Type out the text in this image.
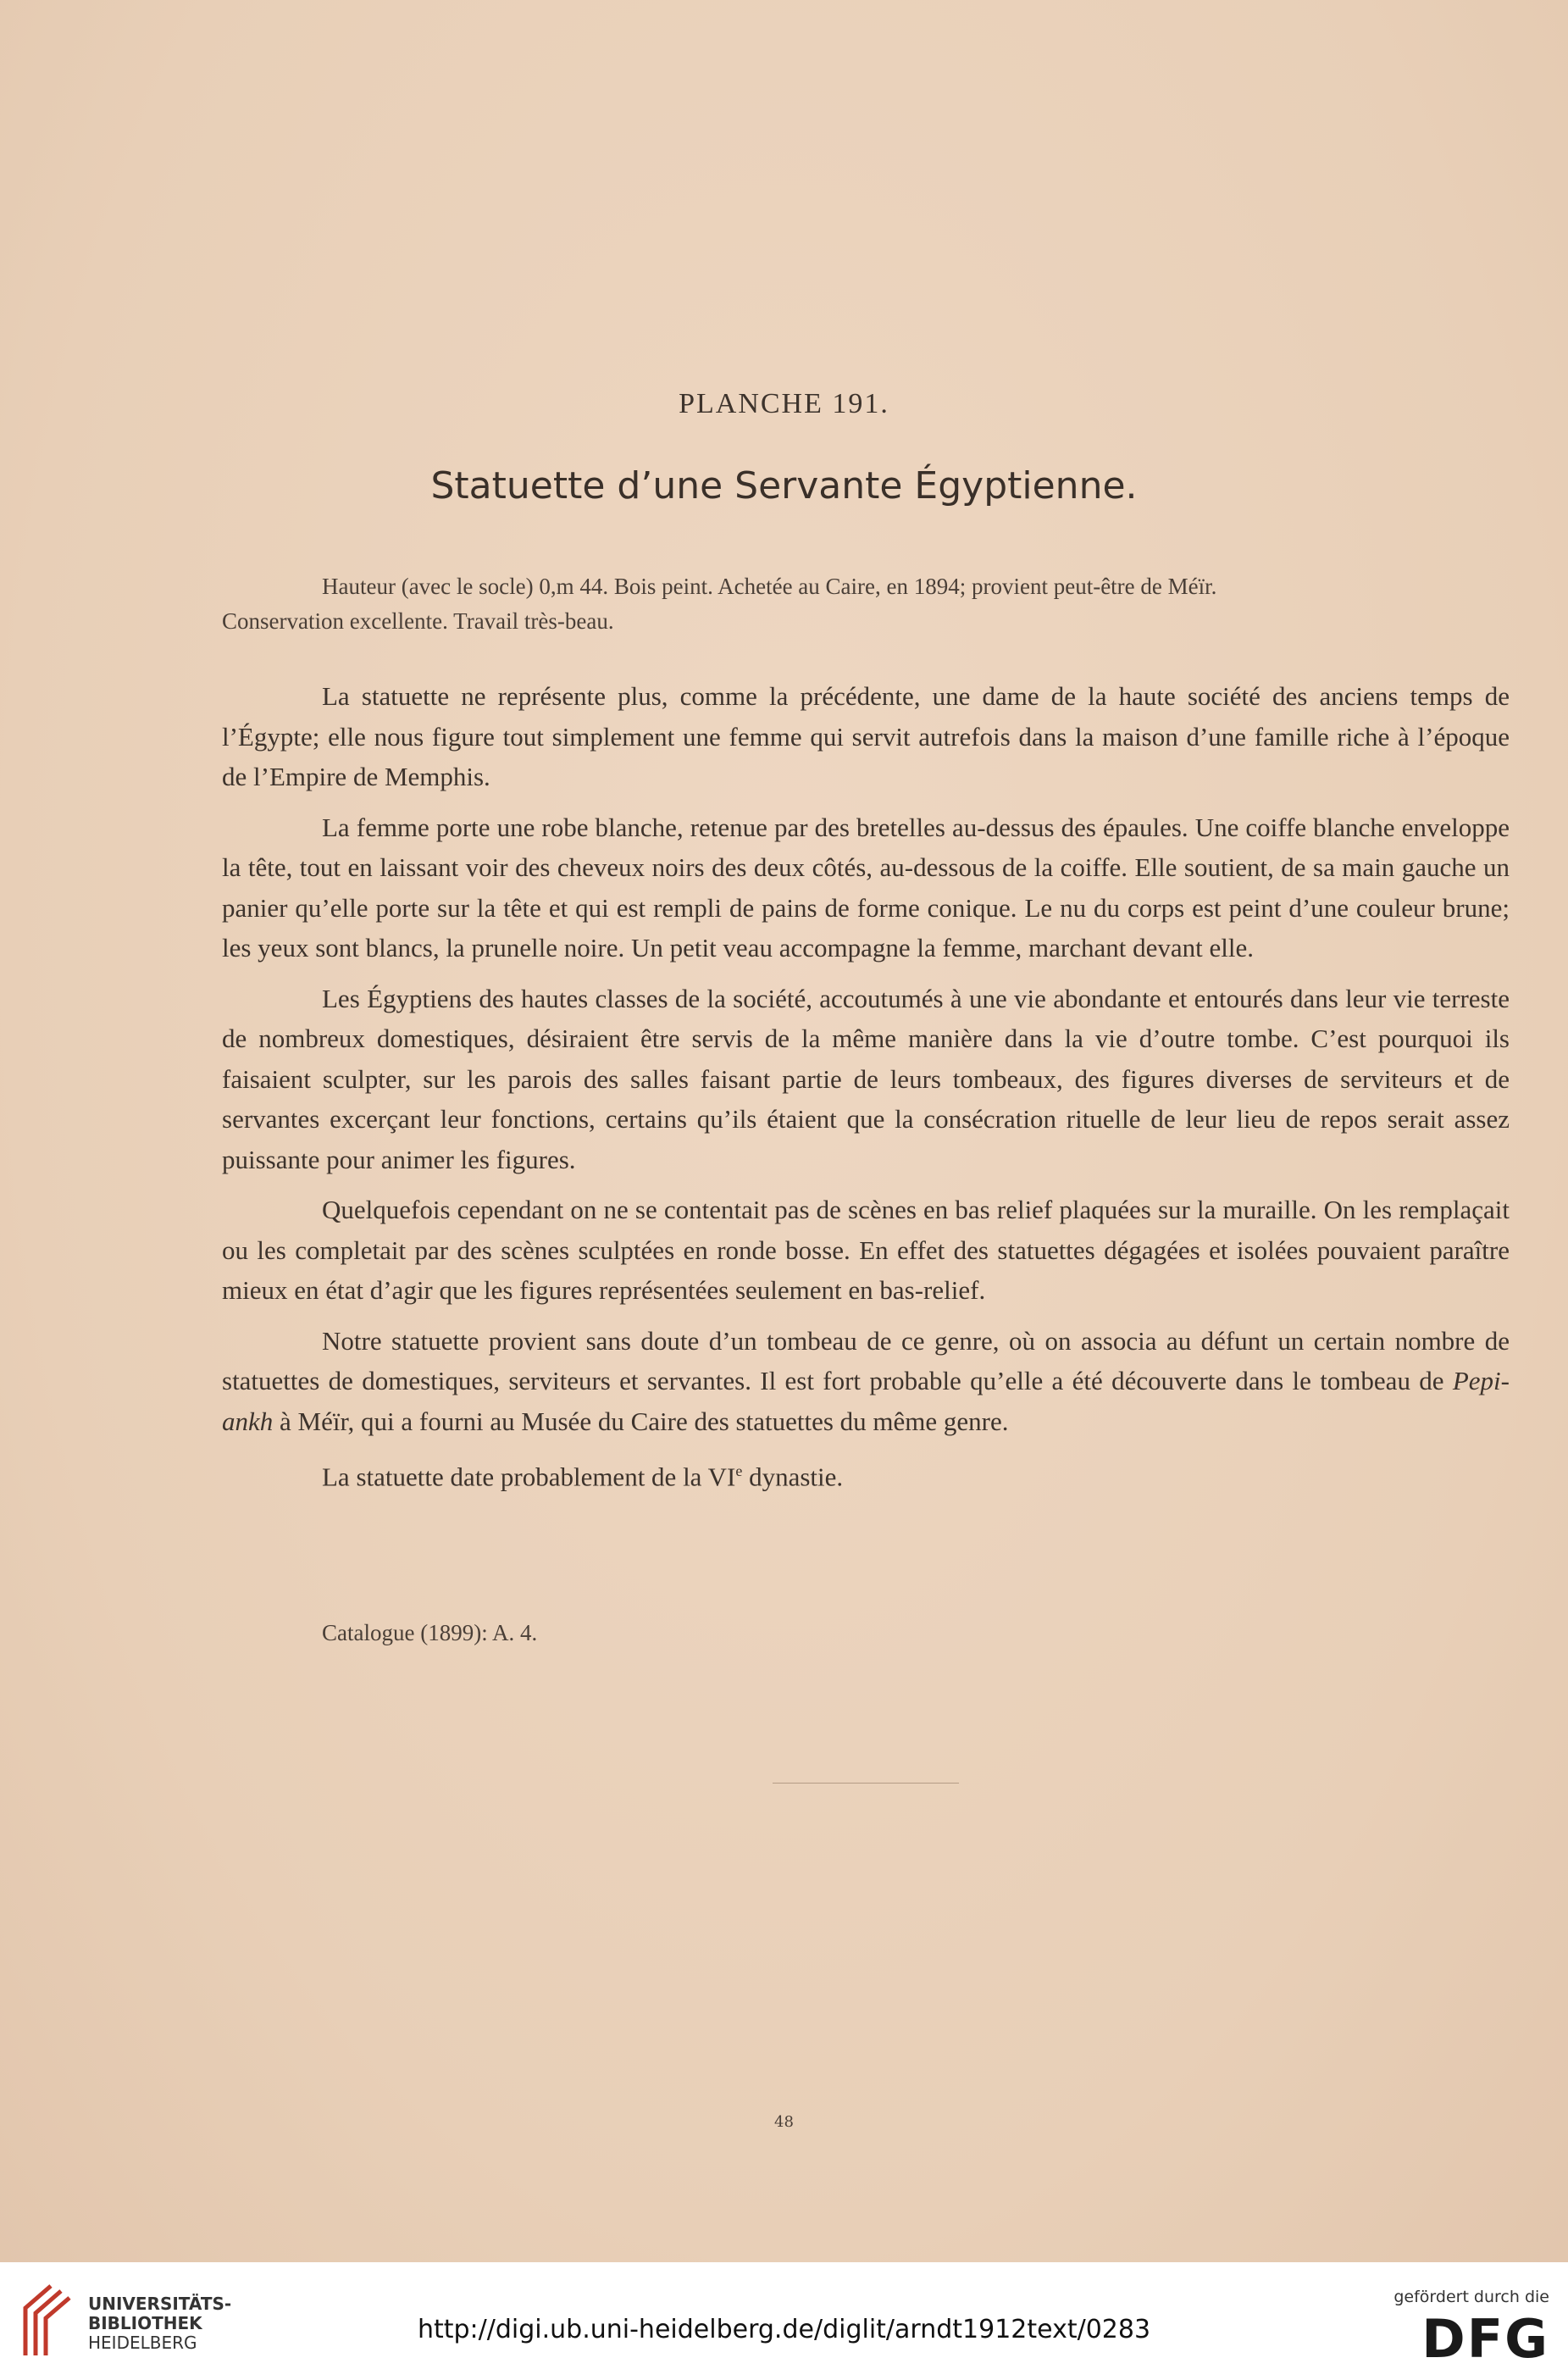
PLANCHE 191.
Statuette d’une Servante Égyptienne.

Hauteur (avec le socle) 0,m 44. Bois peint. Achetée au Caire, en 1894; provient peut-être de Méïr.

Conservation excellente. Travail très-beau.

La statuette ne représente plus, comme la précédente, une dame de la haute société des anciens temps de l’Égypte; elle nous figure tout simplement une femme qui servit autrefois dans la maison d’une famille riche à l’époque de l’Empire de Memphis.

La femme porte une robe blanche, retenue par des bretelles au-dessus des épaules. Une coiffe blanche enveloppe la tête, tout en laissant voir des cheveux noirs des deux côtés, au-dessous de la coiffe. Elle soutient, de sa main gauche un panier qu’elle porte sur la tête et qui est rempli de pains de forme conique. Le nu du corps est peint d’une couleur brune; les yeux sont blancs, la prunelle noire. Un petit veau accompagne la femme, marchant devant elle.

Les Égyptiens des hautes classes de la société, accoutumés à une vie abondante et entourés dans leur vie terreste de nombreux domestiques, désiraient être servis de la même manière dans la vie d’outre tombe. C’est pourquoi ils faisaient sculpter, sur les parois des salles faisant partie de leurs tombeaux, des figures diverses de serviteurs et de servantes excerçant leur fonctions, certains qu’ils étaient que la consécration rituelle de leur lieu de repos serait assez puissante pour animer les figures.

Quelquefois cependant on ne se contentait pas de scènes en bas relief plaquées sur la muraille. On les remplaçait ou les completait par des scènes sculptées en ronde bosse. En effet des statuettes dégagées et isolées pouvaient paraître mieux en état d’agir que les figures représentées seulement en bas-relief.

Notre statuette provient sans doute d’un tombeau de ce genre, où on associa au défunt un certain nombre de statuettes de domestiques, serviteurs et servantes. Il est fort probable qu’elle a été découverte dans le tombeau de Pepi-ankh à Méïr, qui a fourni au Musée du Caire des statuettes du même genre.

La statuette date probablement de la VIe dynastie.

Catalogue (1899): A. 4.
48
UNIVERSITÄTS-
BIBLIOTHEK
HEIDELBERG	http://digi.ub.uni-heidelberg.de/diglit/arndt1912text/0283
gefördert durch die
DFG
